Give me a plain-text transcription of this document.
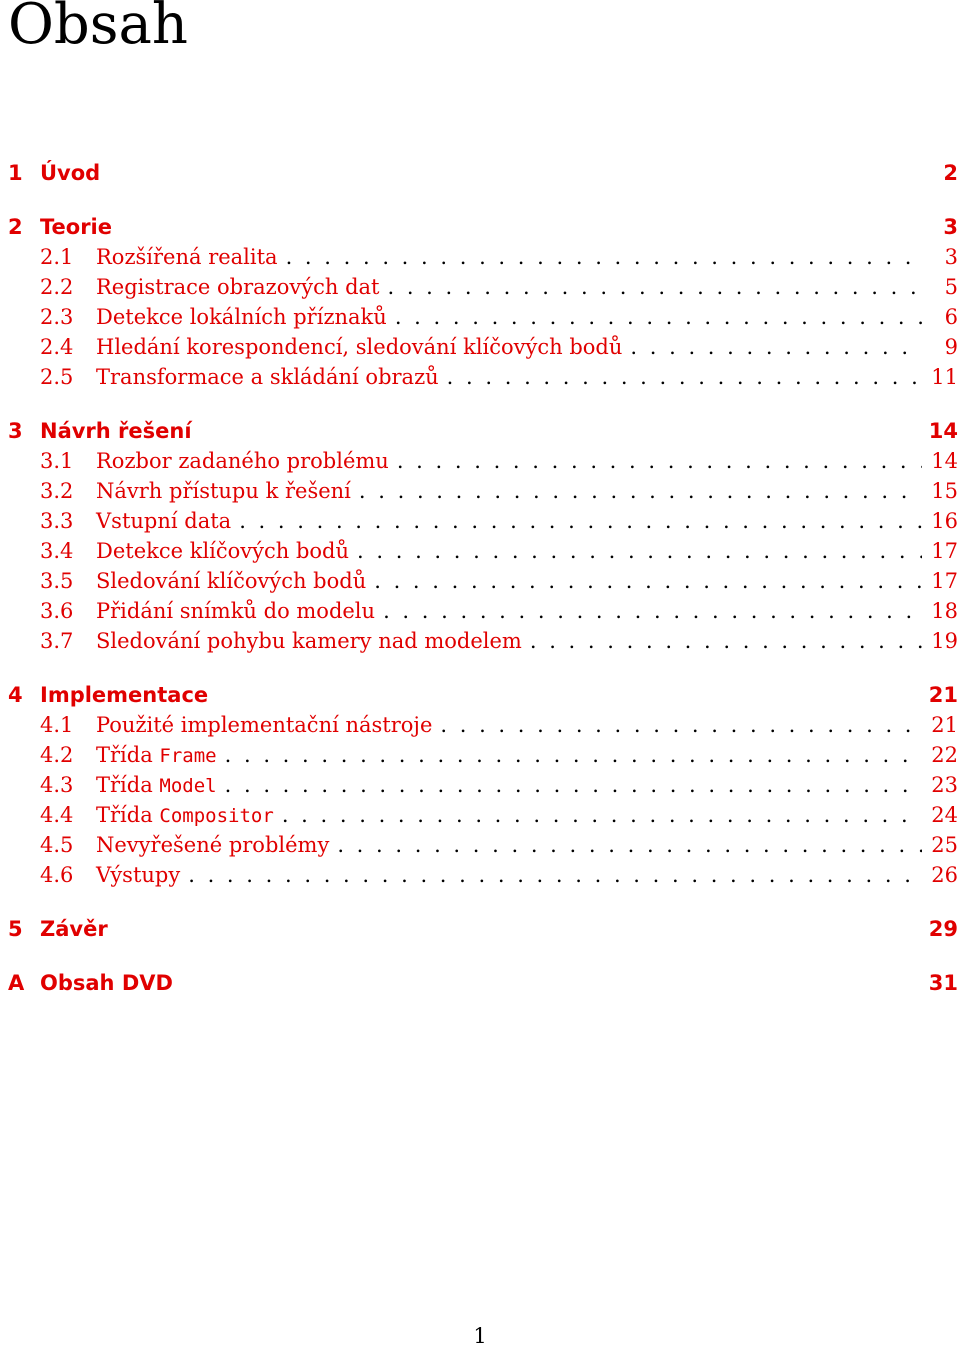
Obsah
1 Úvod	2
2 Teorie	3
2.1	Rozšířená realita . . .	3
2.2	Registrace obrazových dat . . .	5
2.3	Detekce lokálních příznaků . . .	6
2.4	Hledání korespondencí, sledování klíčových bodů . . .	9
2.5	Transformace a skládání obrazů . . .	11
3 Návrh řešení	14
3.1	Rozbor zadaného problému . . .	14
3.2	Návrh přístupu k řešení . . .	15
3.3	Vstupní data . . .	16
3.4	Detekce klíčových bodů . . .	17
3.5	Sledování klíčových bodů . . .	17
3.6	Přidání snímků do modelu . . .	18
3.7	Sledování pohybu kamery nad modelem . . .	19
4 Implementace	21
4.1	Použité implementační nástroje . . .	21
4.2	Třída Frame . . .	22
4.3	Třída Model . . .	23
4.4	Třída Compositor . . .	24
4.5	Nevyřešené problémy . . .	25
4.6	Výstupy . . .	26
5 Závěr	29
A Obsah DVD	31
1
